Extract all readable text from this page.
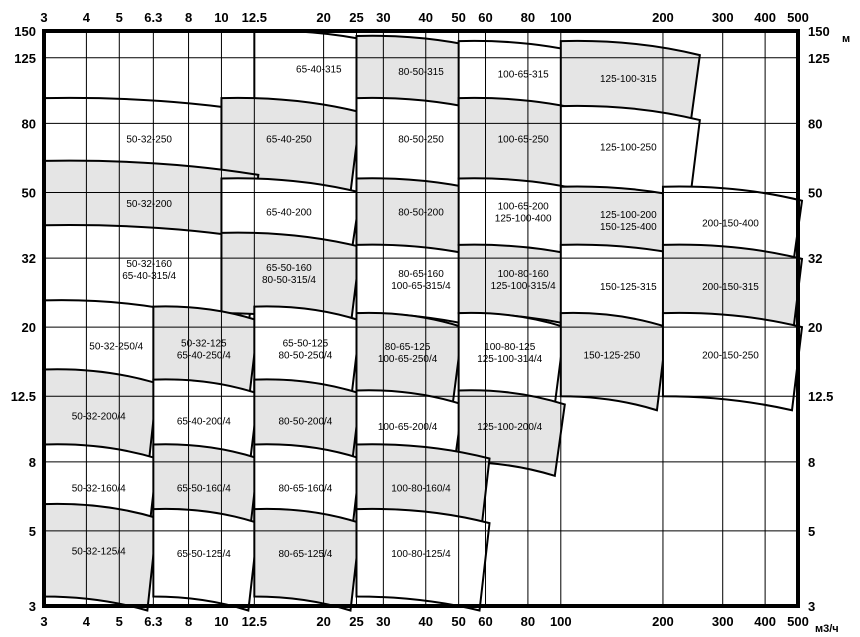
65-40-315	80-50-315	100-65-315	125-100-315
50-32-250	65-40-250	80-50-250	100-65-250
125-100-250
50-32-200
65-40-200	80-50-200
100-65-200
125-100-400	125-100-200
150-125-400	200-150-400
50-32-160
65-40-315/4
65-50-160
80-50-315/4
80-65-160
100-65-315/4
100-80-160
125-100-315/4	150-125-315	200-150-315
50-32-250/4	50-32-125
65-40-250/4
65-50-125
80-50-250/4
80-65-125
100-65-250/4
100-80-125
125-100-314/4	150-125-250	200-150-250
50-32-200/4	65-40-200/4	80-50-200/4	100-65-200/4	125-100-200/4
50-32-160/4	65-50-160/4	80-65-160/4	100-80-160/4
50-32-125/4	65-50-125/4	80-65-125/4	100-80-125/4
3
3
4
4
5
5
6.3
6.3
8
8
10
10
12.5
12.5
20
20
25
25
30
30
40
40
50
50
60
60
80
80
100
100
200
200
300
300
400
400
500
500
150	150
125	125
80	80
50	50
32	32
20	20
12.5	12.5
8	8
5	5
3	3
м
м3/ч
